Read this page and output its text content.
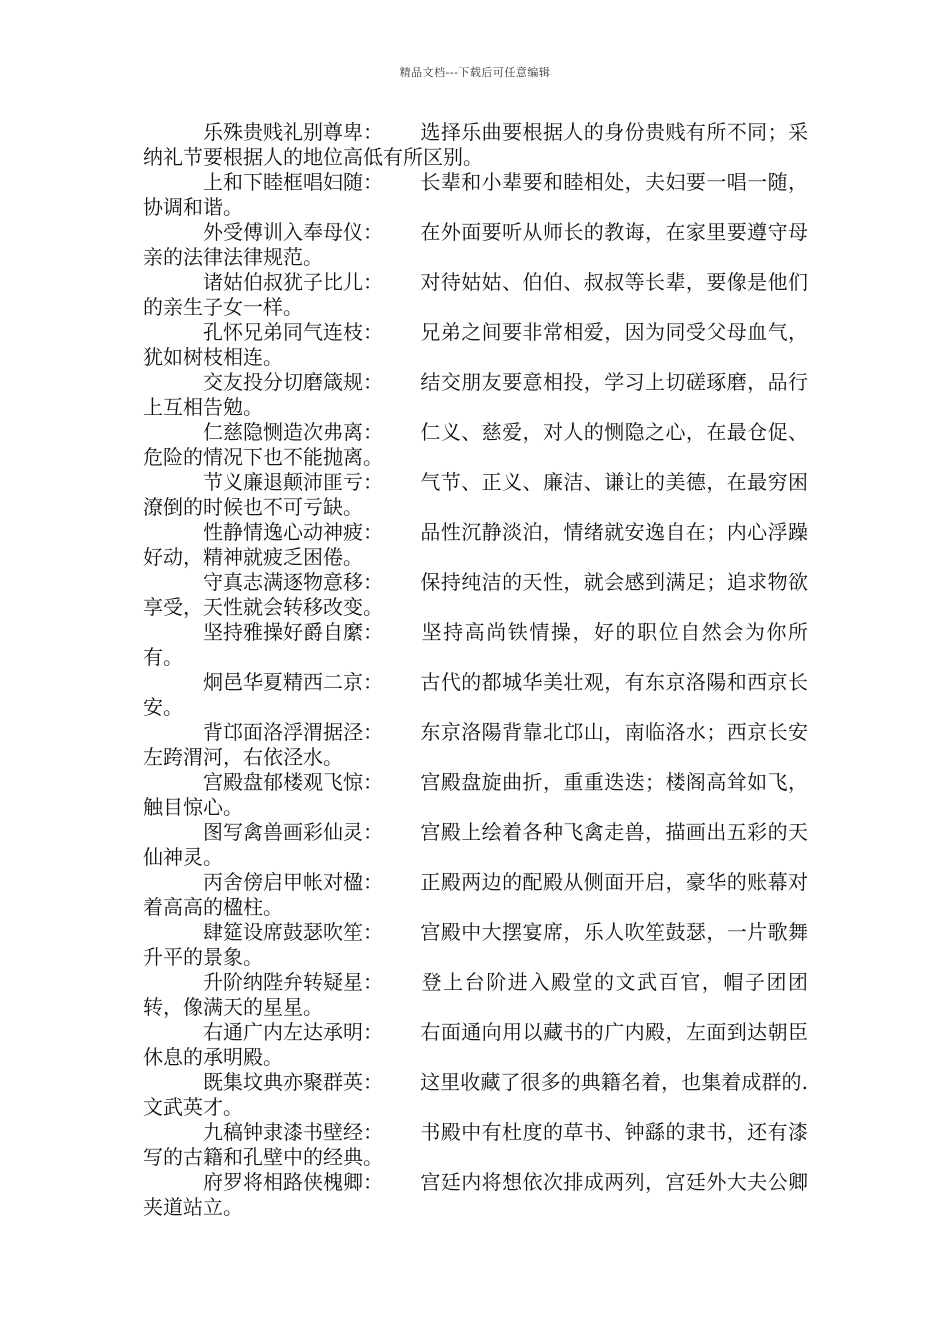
精品文档---下载后可任意编辑

乐殊贵贱礼别尊卑： 选择乐曲要根据人的身份贵贱有所不同；采纳礼节要根据人的地位高低有所区别。

上和下睦框唱妇随： 长辈和小辈要和睦相处，夫妇要一唱一随，协调和谐。

外受傅训入奉母仪： 在外面要听从师长的教诲，在家里要遵守母亲的法律法律规范。

诸姑伯叔犹子比儿： 对待姑姑、伯伯、叔叔等长辈，要像是他们的亲生子女一样。

孔怀兄弟同气连枝： 兄弟之间要非常相爱，因为同受父母血气，犹如树枝相连。

交友投分切磨箴规： 结交朋友要意相投，学习上切磋琢磨，品行上互相告勉。

仁慈隐恻造次弗离： 仁义、慈爱，对人的恻隐之心，在最仓促、危险的情况下也不能抛离。

节义廉退颠沛匪亏： 气节、正义、廉洁、谦让的美德，在最穷困潦倒的时候也不可亏缺。

性静情逸心动神疲： 品性沉静淡泊，情绪就安逸自在；内心浮躁好动，精神就疲乏困倦。

守真志满逐物意移： 保持纯洁的天性，就会感到满足；追求物欲享受，天性就会转移改变。

坚持雅操好爵自縻： 坚持高尚铁情操，好的职位自然会为你所有。

炯邑华夏精西二京： 古代的都城华美壮观，有东京洛陽和西京长安。

背邙面洛浮渭据泾： 东京洛陽背靠北邙山，南临洛水；西京长安左跨渭河，右依泾水。

宫殿盘郁楼观飞惊： 宫殿盘旋曲折，重重迭迭；楼阁高耸如飞，触目惊心。

图写禽兽画彩仙灵： 宫殿上绘着各种飞禽走兽，描画出五彩的天仙神灵。

丙舍傍启甲帐对楹： 正殿两边的配殿从侧面开启，豪华的账幕对着高高的楹柱。

肆筵设席鼓瑟吹笙： 宫殿中大摆宴席，乐人吹笙鼓瑟，一片歌舞升平的景象。

升阶纳陛弁转疑星： 登上台阶进入殿堂的文武百官，帽子团团转，像满天的星星。

右通广内左达承明： 右面通向用以藏书的广内殿，左面到达朝臣休息的承明殿。

既集坟典亦聚群英： 这里收藏了很多的典籍名着，也集着成群的. 文武英才。

九稿钟隶漆书壁经： 书殿中有杜度的草书、钟繇的隶书，还有漆写的古籍和孔壁中的经典。

府罗将相路侠槐卿： 宫廷内将想依次排成两列，宫廷外大夫公卿夹道站立。
